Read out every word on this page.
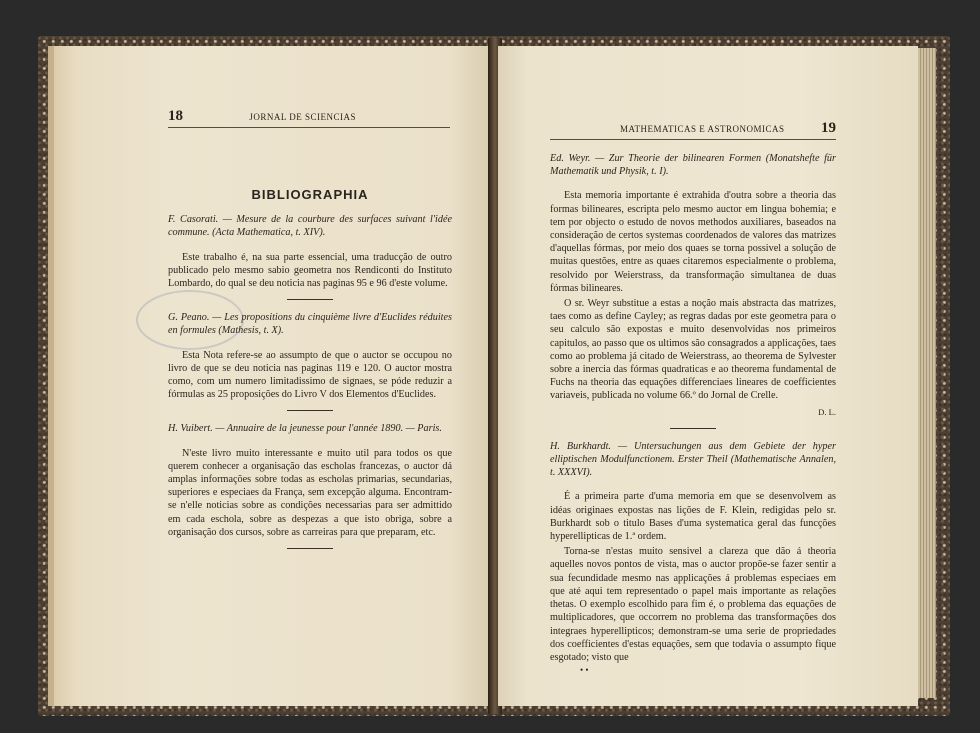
18	JORNAL DE SCIENCIAS
BIBLIOGRAPHIA

F. Casorati. — Mesure de la courbure des surfaces suivant l'idée commune. (Acta Mathematica, t. XIV).

Este trabalho é, na sua parte essencial, uma traducção de outro publicado pelo mesmo sabio geometra nos Rendiconti do Instituto Lombardo, do qual se deu noticia nas paginas 95 e 96 d'este volume.

G. Peano. — Les propositions du cinquième livre d'Euclides réduites en formules (Mathesis, t. X).

Esta Nota refere-se ao assumpto de que o auctor se occupou no livro de que se deu noticia nas paginas 119 e 120. O auctor mostra como, com um numero limitadissimo de signaes, se póde reduzir a fórmulas as 25 proposições do Livro V dos Elementos d'Euclides.

H. Vuibert. — Annuaire de la jeunesse pour l'année 1890. — Paris.

N'este livro muito interessante e muito util para todos os que querem conhecer a organisação das escholas francezas, o auctor dá amplas informações sobre todas as escholas primarias, secundarias, superiores e especiaes da França, sem excepção alguma. Encontram-se n'elle noticias sobre as condições necessarias para ser admittido em cada eschola, sobre as despezas a que isto obriga, sobre a organisação dos cursos, sobre as carreiras para que preparam, etc.

MATHEMATICAS E ASTRONOMICAS 19

Ed. Weyr. — Zur Theorie der bilinearen Formen (Monatshefte für Mathematik und Physik, t. I).

Esta memoria importante é extrahida d'outra sobre a theoria das formas bilineares, escripta pelo mesmo auctor em lingua bohemia; e tem por objecto o estudo de novos methodos auxiliares, baseados na consideração de certos systemas coordenados de valores das matrizes d'aquellas fórmas, por meio dos quaes se torna possivel a solução de muitas questões, entre as quaes citaremos especialmente o problema, resolvido por Weierstrass, da transformação simultanea de duas fórmas bilineares.

O sr. Weyr substitue a estas a noção mais abstracta das matrizes, taes como as define Cayley; as regras dadas por este geometra para o seu calculo são expostas e muito desenvolvidas nos primeiros capitulos, ao passo que os ultimos são consagrados a applicações, taes como ao problema já citado de Weierstrass, ao theorema de Sylvester sobre a inercia das fórmas quadraticas e ao theorema fundamental de Fuchs na theoria das equações differenciaes lineares de coefficientes variaveis, publicada no volume 66.º do Jornal de Crelle.

D. L.

H. Burkhardt. — Untersuchungen aus dem Gebiete der hyper elliptischen Modulfunctionem. Erster Theil (Mathematische Annalen, t. XXXVI).

É a primeira parte d'uma memoria em que se desenvolvem as idéas originaes expostas nas lições de F. Klein, redigidas pelo sr. Burkhardt sob o titulo Bases d'uma systematica geral das funcções hyperellipticas de 1.ª ordem.

Torna-se n'estas muito sensivel a clareza que dão á theoria aquelles novos pontos de vista, mas o auctor propõe-se fazer sentir a sua fecundidade mesmo nas applicações á problemas especiaes em que até aqui tem representado o papel mais importante as relações thetas. O exemplo escolhido para fim é, o problema das equações de multiplicadores, que occorrem no problema das transformações dos integraes hyperellipticos; demonstram-se uma serie de propriedades dos coefficientes d'estas equações, sem que todavia o assumpto fique esgotado; visto que

• •
